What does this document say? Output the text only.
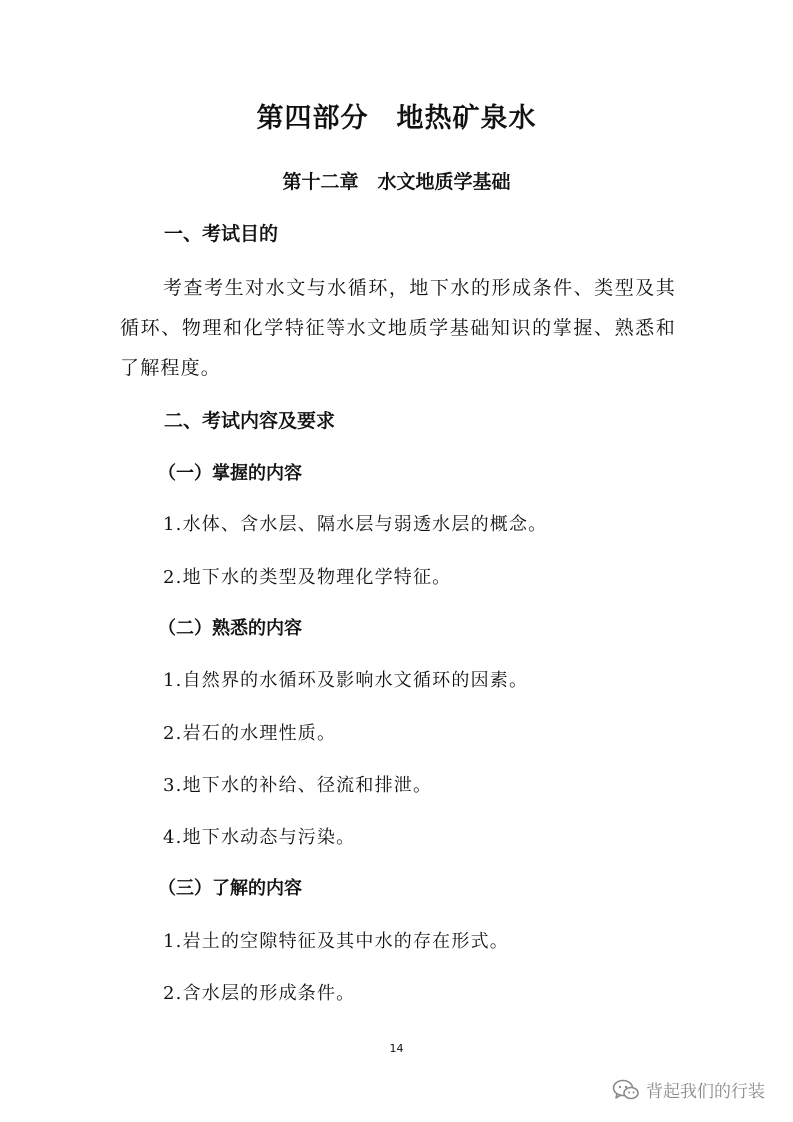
第四部分　地热矿泉水
第十二章　水文地质学基础
一、考试目的
考查考生对水文与水循环，地下水的形成条件、类型及其循环、物理和化学特征等水文地质学基础知识的掌握、熟悉和了解程度。
二、考试内容及要求
（一）掌握的内容
1.水体、含水层、隔水层与弱透水层的概念。
2.地下水的类型及物理化学特征。
（二）熟悉的内容
1.自然界的水循环及影响水文循环的因素。
2.岩石的水理性质。
3.地下水的补给、径流和排泄。
4.地下水动态与污染。
（三）了解的内容
1.岩土的空隙特征及其中水的存在形式。
2.含水层的形成条件。
14
背起我们的行装
